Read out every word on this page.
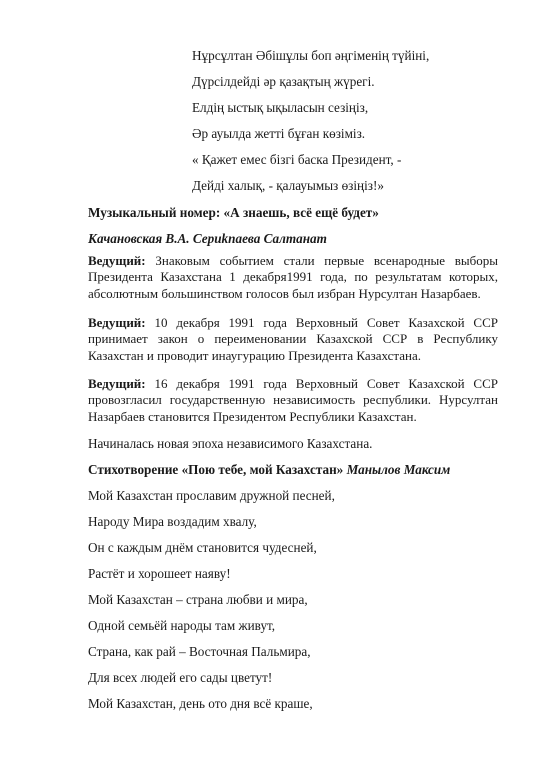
Нұрсұлтан Әбішұлы боп әңгіменің түйіні,
Дүрсілдейді әр қазақтың жүрегі.
Елдің ыстық ықыласын сезіңіз,
Әр ауылда жетті бұған көзіміз.
« Қажет емес бізгі баска Президент, -
Дейді халық, - қалауымыз өзіңіз!»
Музыкальный номер: «А знаешь, всё ещё будет»
Качановская В.А. Сериkпаева Салтанат
Ведущий: Знаковым событием стали первые всенародные выборы Президента Казахстана 1 декабря1991 года, по результатам которых, абсолютным большинством голосов был избран Нурсултан Назарбаев.
Ведущий: 10 декабря 1991 года Верховный Совет Казахской ССР принимает закон о переименовании Казахской ССР в Республику Казахстан и проводит инаугурацию Президента Казахстана.
Ведущий: 16 декабря 1991 года Верховный Совет Казахской ССР провозгласил государственную независимость республики. Нурсултан Назарбаев становится Президентом Республики Казахстан.
Начиналась новая эпоха независимого Казахстана.
Стихотворение «Пою тебе, мой Казахстан» Манылов Максим
Мой Казахстан прославим дружной песней,
Народу Мира воздадим хвалу,
Он с каждым днём становится чудесней,
Растёт и хорошеет наяву!
Мой Казахстан – страна любви и мира,
Одной семьёй народы там живут,
Страна, как рай – Восточная Пальмира,
Для всех людей его сады цветут!
Мой Казахстан, день ото дня всё краше,
